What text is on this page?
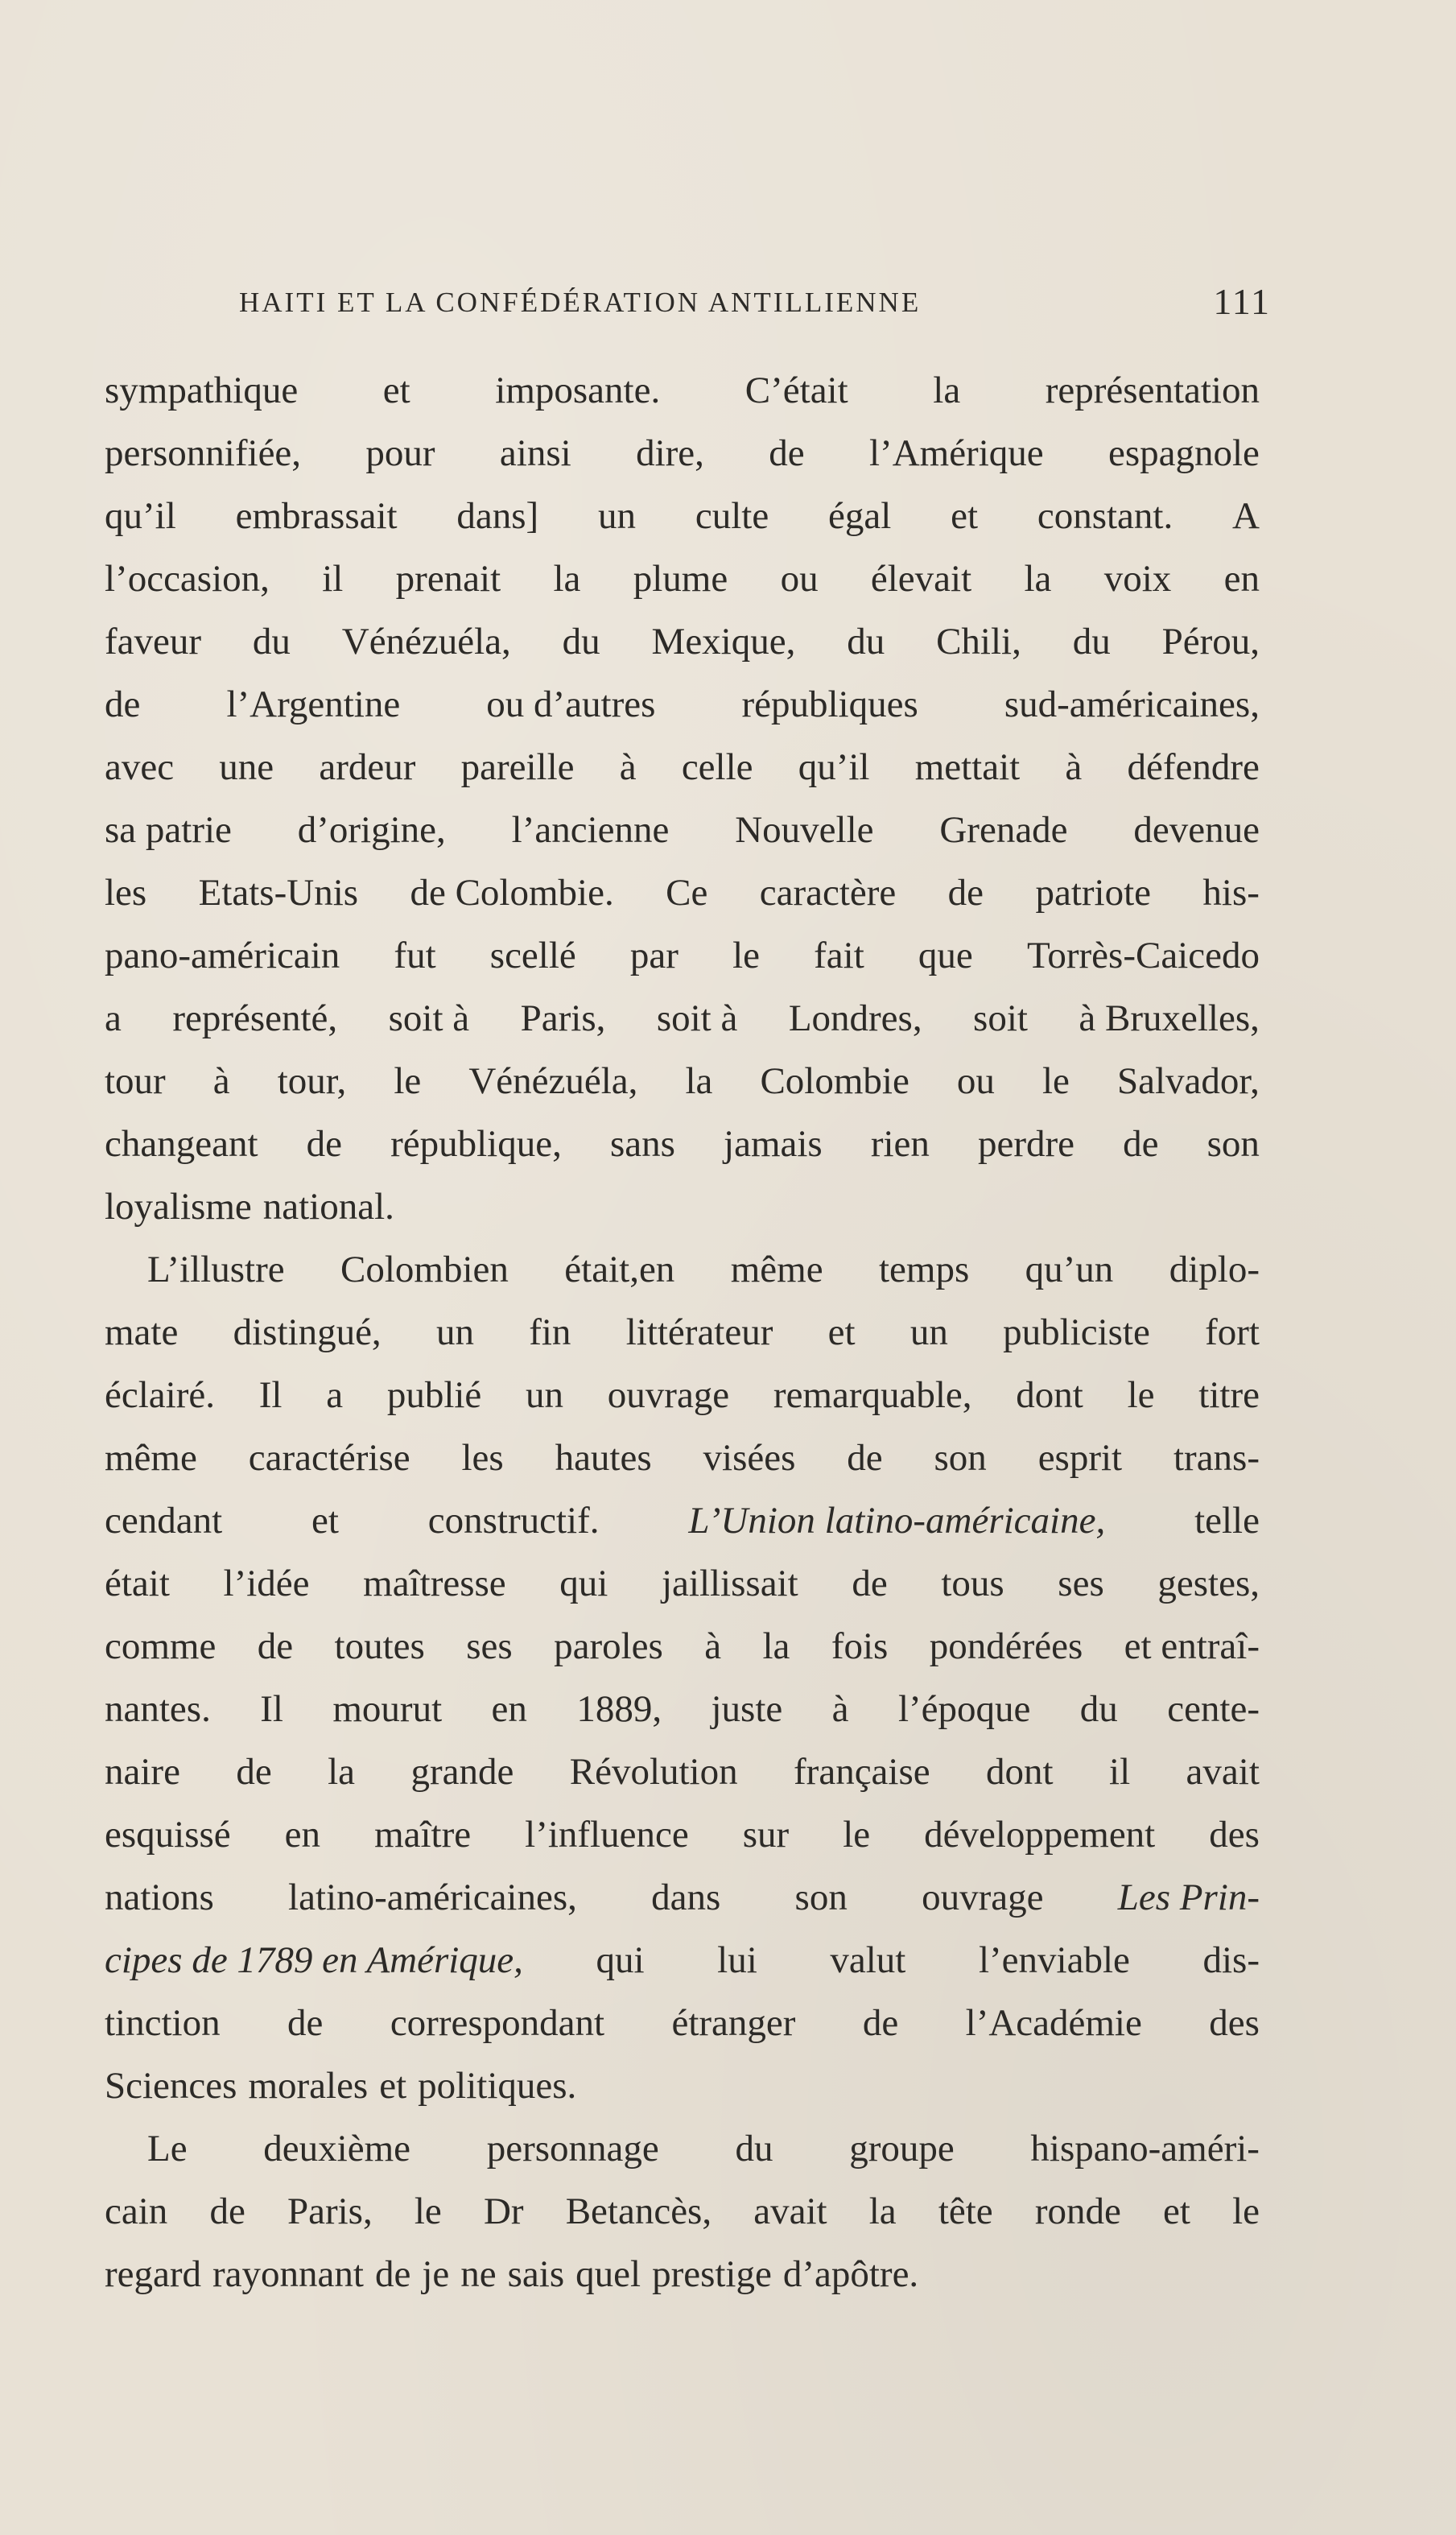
HAITI ET LA CONFÉDÉRATION ANTILLIENNE	111
sympathique et imposante. C’était la représentation
personnifiée, pour ainsi dire, de l’Amérique espagnole
qu’il embrassait dans] un culte égal et constant. A
l’occasion, il prenait la plume ou élevait la voix en
faveur du Vénézuéla, du Mexique, du Chili, du Pérou,
de l’Argentine ou d’autres républiques sud-américaines,
avec une ardeur pareille à celle qu’il mettait à défendre
sa patrie d’origine, l’ancienne Nouvelle Grenade devenue
les Etats-Unis de Colombie. Ce caractère de patriote his-
pano-américain fut scellé par le fait que Torrès-Caicedo
a représenté, soit à Paris, soit à Londres, soit à Bruxelles,
tour à tour, le Vénézuéla, la Colombie ou le Salvador,
changeant de république, sans jamais rien perdre de son
loyalisme national.
L’illustre Colombien était,en même temps qu’un diplo-
mate distingué, un fin littérateur et un publiciste fort
éclairé. Il a publié un ouvrage remarquable, dont le titre
même caractérise les hautes visées de son esprit trans-
cendant et constructif. L’Union latino-américaine, telle
était l’idée maîtresse qui jaillissait de tous ses gestes,
comme de toutes ses paroles à la fois pondérées et entraî-
nantes. Il mourut en 1889, juste à l’époque du cente-
naire de la grande Révolution française dont il avait
esquissé en maître l’influence sur le développement des
nations latino-américaines, dans son ouvrage Les Prin-
cipes de 1789 en Amérique, qui lui valut l’enviable dis-
tinction de correspondant étranger de l’Académie des
Sciences morales et politiques.
Le deuxième personnage du groupe hispano-améri-
cain de Paris, le Dr Betancès, avait la tête ronde et le
regard rayonnant de je ne sais quel prestige d’apôtre.
